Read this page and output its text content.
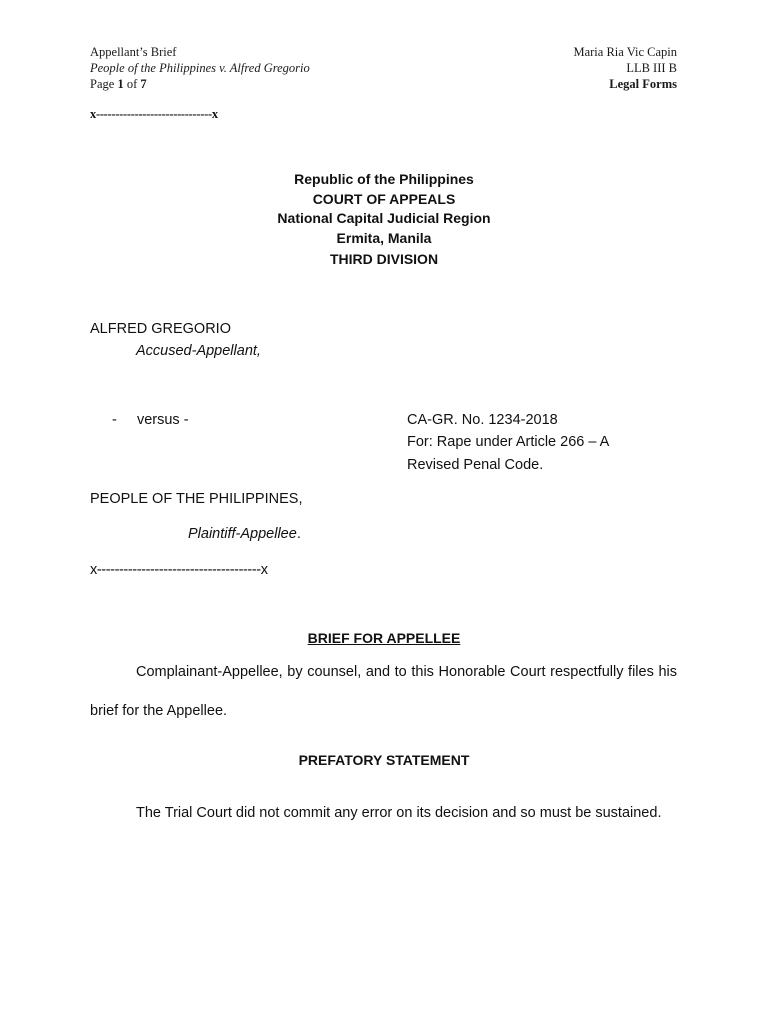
Appellant’s Brief
People of the Philippines v. Alfred Gregorio
Page 1 of 7
Maria Ria Vic Capin
LLB III B
Legal Forms
x------------------------------x
Republic of the Philippines
COURT OF APPEALS
National Capital Judicial Region
Ermita, Manila
THIRD DIVISION
ALFRED GREGORIO
Accused-Appellant,
-     versus -	CA-GR. No. 1234-2018
For: Rape under Article 266 – A
Revised Penal Code.
PEOPLE OF THE PHILIPPINES,
Plaintiff-Appellee.
x-------------------------------------x
BRIEF FOR APPELLEE
Complainant-Appellee, by counsel, and to this Honorable Court respectfully files his brief for the Appellee.
PREFATORY STATEMENT
The Trial Court did not commit any error on its decision and so must be sustained.
